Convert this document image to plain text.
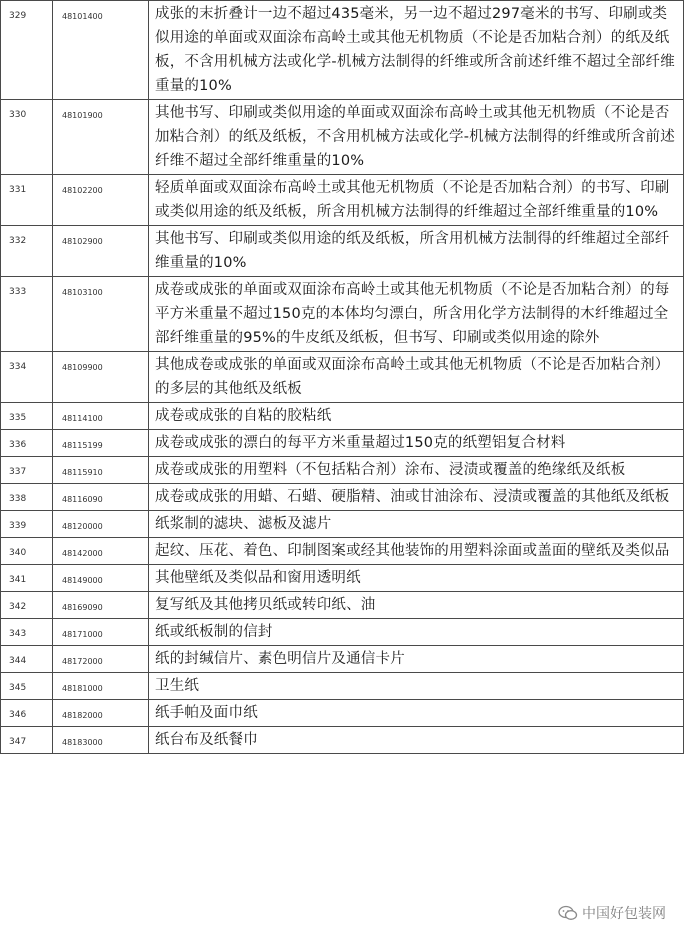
329	48101400	成张的末折叠计一边不超过435毫米，另一边不超过297毫米的书写、印刷或类似用途的单面或双面涂布高岭土或其他无机物质（不论是否加粘合剂）的纸及纸板，不含用机械方法或化学-机械方法制得的纤维或所含前述纤维不超过全部纤维重量的10%
330	48101900	其他书写、印刷或类似用途的单面或双面涂布高岭土或其他无机物质（不论是否加粘合剂）的纸及纸板，不含用机械方法或化学-机械方法制得的纤维或所含前述纤维不超过全部纤维重量的10%
331	48102200	轻质单面或双面涂布高岭土或其他无机物质（不论是否加粘合剂）的书写、印刷或类似用途的纸及纸板，所含用机械方法制得的纤维超过全部纤维重量的10%
332	48102900	其他书写、印刷或类似用途的纸及纸板，所含用机械方法制得的纤维超过全部纤维重量的10%
333	48103100	成卷或成张的单面或双面涂布高岭土或其他无机物质（不论是否加粘合剂）的每平方米重量不超过150克的本体均匀漂白，所含用化学方法制得的木纤维超过全部纤维重量的95%的牛皮纸及纸板，但书写、印刷或类似用途的除外
334	48109900	其他成卷或成张的单面或双面涂布高岭土或其他无机物质（不论是否加粘合剂）的多层的其他纸及纸板
335	48114100	成卷或成张的自粘的胶粘纸
336	48115199	成卷或成张的漂白的每平方米重量超过150克的纸塑铝复合材料
337	48115910	成卷或成张的用塑料（不包括粘合剂）涂布、浸渍或覆盖的绝缘纸及纸板
338	48116090	成卷或成张的用蜡、石蜡、硬脂精、油或甘油涂布、浸渍或覆盖的其他纸及纸板
339	48120000	纸浆制的滤块、滤板及滤片
340	48142000	起纹、压花、着色、印制图案或经其他装饰的用塑料涂面或盖面的壁纸及类似品
341	48149000	其他壁纸及类似品和窗用透明纸
342	48169090	复写纸及其他拷贝纸或转印纸、油
343	48171000	纸或纸板制的信封
344	48172000	纸的封缄信片、素色明信片及通信卡片
345	48181000	卫生纸
346	48182000	纸手帕及面巾纸
347	48183000	纸台布及纸餐巾
中国好包装网
